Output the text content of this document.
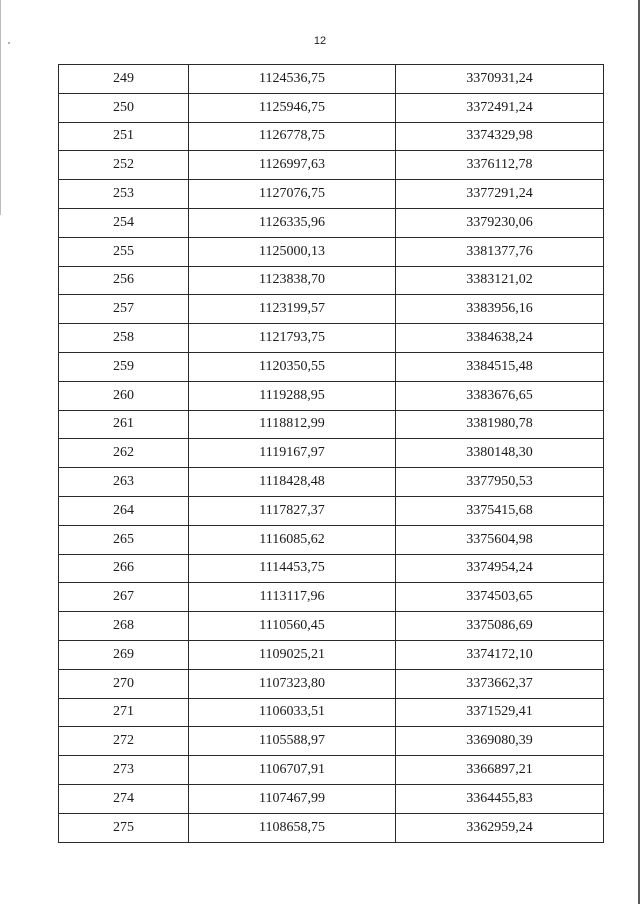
12
249	1124536,75	3370931,24
250	1125946,75	3372491,24
251	1126778,75	3374329,98
252	1126997,63	3376112,78
253	1127076,75	3377291,24
254	1126335,96	3379230,06
255	1125000,13	3381377,76
256	1123838,70	3383121,02
257	1123199,57	3383956,16
258	1121793,75	3384638,24
259	1120350,55	3384515,48
260	1119288,95	3383676,65
261	1118812,99	3381980,78
262	1119167,97	3380148,30
263	1118428,48	3377950,53
264	1117827,37	3375415,68
265	1116085,62	3375604,98
266	1114453,75	3374954,24
267	1113117,96	3374503,65
268	1110560,45	3375086,69
269	1109025,21	3374172,10
270	1107323,80	3373662,37
271	1106033,51	3371529,41
272	1105588,97	3369080,39
273	1106707,91	3366897,21
274	1107467,99	3364455,83
275	1108658,75	3362959,24
